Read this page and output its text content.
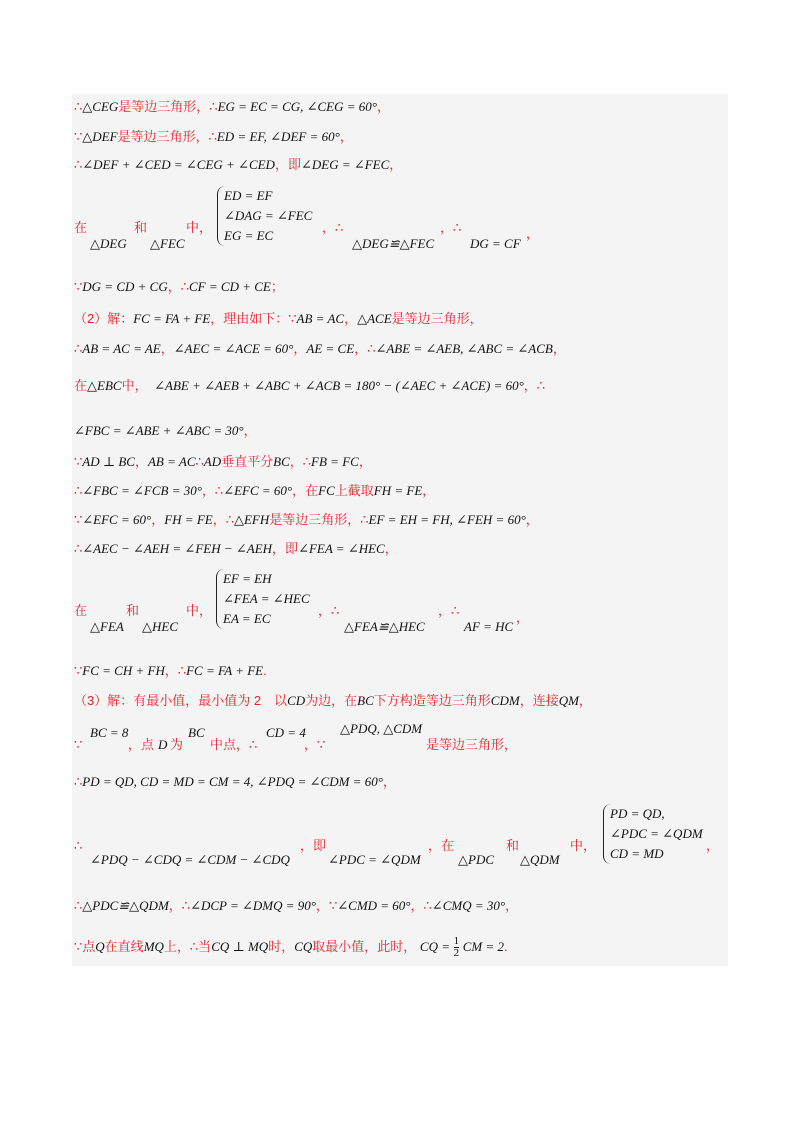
∴△CEG是等边三角形，∴EG = EC = CG, ∠CEG = 60°，
∵△DEF是等边三角形，∴ED = EF, ∠DEF = 60°，
∴∠DEF + ∠CED = ∠CEG + ∠CED，即∠DEG = ∠FEC，
在	和	中，
△DEG △FEC
ED = EF
∠DAG = ∠FEC
EG = EC
，∴
△DEG≌△FEC
，∴
DG = CF
，
∵DG = CD + CG，∴CF = CD + CE；
（2）解：FC = FA + FE，理由如下：∵AB = AC，△ACE是等边三角形，
∴AB = AC = AE，∠AEC = ∠ACE = 60°，AE = CE，∴∠ABE = ∠AEB, ∠ABC = ∠ACB，
在△EBC中，　 ∠ABE + ∠AEB + ∠ABC + ∠ACB = 180° − (∠AEC + ∠ACE) = 60°，∴
∠FBC = ∠ABE + ∠ABC = 30°，
∵AD ⊥ BC，AB = AC∴AD垂直平分BC，∴FB = FC，
∴∠FBC = ∠FCB = 30°，∴∠EFC = 60°，在FC上截取FH = FE，
∵∠EFC = 60°，FH = FE，∴△EFH是等边三角形，∴EF = EH = FH, ∠FEH = 60°，
∴∠AEC − ∠AEH = ∠FEH − ∠AEH，即∠FEA = ∠HEC，
在	和	中，
△FEA △HEC
EF = EH
∠FEA = ∠HEC
EA = EC
，∴
△FEA≌△HEC
，∴
AF = HC
，
∵FC = CH + FH，∴FC = FA + FE.
（3）解：有最小值，最小值为 2　以CD为边，在BC下方构造等边三角形CDM，连接QM，
∵
BC = 8
，点 D 为
BC
中点，∴
CD = 4
，∵
△PDQ, △CDM
是等边三角形，
∴PD = QD, CD = MD = CM = 4, ∠PDQ = ∠CDM = 60°，
∴
∠PDQ − ∠CDQ = ∠CDM − ∠CDQ
，即
∠PDC = ∠QDM
，在
△PDC
和
△QDM
中，
PD = QD,
∠PDC = ∠QDM
CD = MD
，
∴△PDC≌△QDM，∴∠DCP = ∠DMQ = 90°，∵∠CMD = 60°，∴∠CMQ = 30°，
∵点Q在直线MQ上，∴当CQ ⊥ MQ时，CQ取最小值，此时， CQ = $\frac{1}{2}$ CM = 2.
